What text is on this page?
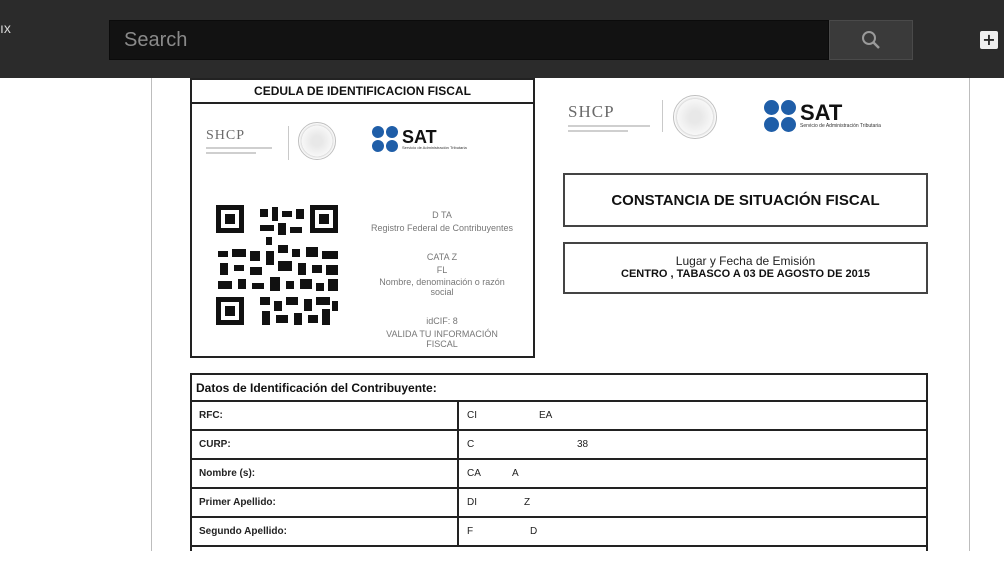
ıx
Search	+
CEDULA DE IDENTIFICACION FISCAL
SHCP	SAT
Servicio de Administración Tributaria
D TA
Registro Federal de Contribuyentes
CATA Z
FL
Nombre, denominación o razón social
idCIF: 8
VALIDA TU INFORMACIÓN FISCAL
SHCP	SAT
Servicio de Administración Tributaria
CONSTANCIA DE SITUACIÓN FISCAL
Lugar y Fecha de Emisión
CENTRO , TABASCO A 03 DE AGOSTO DE 2015
Datos de Identificación del Contribuyente:
RFC:	CI	EA
CURP:	C	38
Nombre (s):	CA	A
Primer Apellido:	DI	Z
Segundo Apellido:	F	D
